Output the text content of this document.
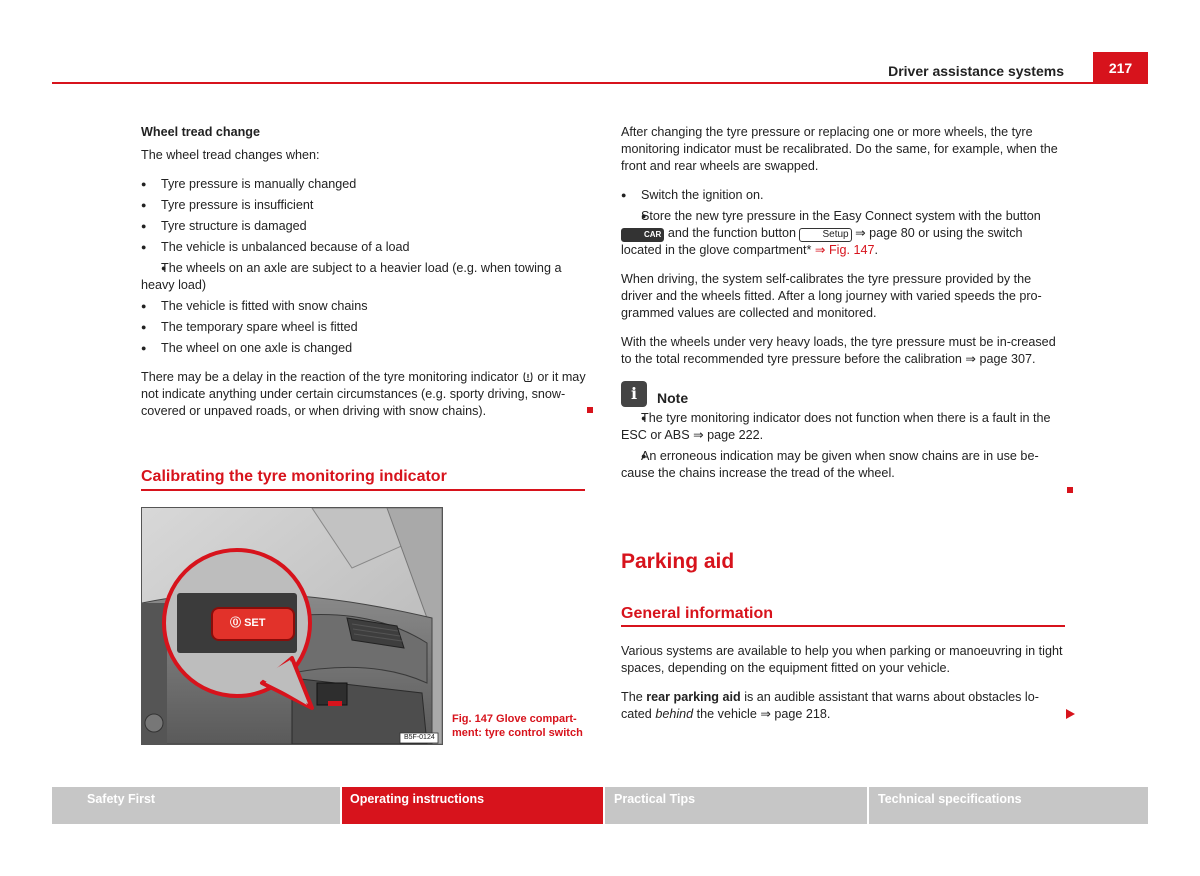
Driver assistance systems	217

Wheel tread change

The wheel tread changes when:

● Tyre pressure is manually changed
● Tyre pressure is insufficient
● Tyre structure is damaged
● The vehicle is unbalanced because of a load
● The wheels on an axle are subject to a heavier load (e.g. when towing a heavy load)
● The vehicle is fitted with snow chains
● The temporary spare wheel is fitted
● The wheel on one axle is changed

There may be a delay in the reaction of the tyre monitoring indicator or it may not indicate anything under certain circumstances (e.g. sporty driving, snow-covered or unpaved roads, or when driving with snow chains).

Calibrating the tyre monitoring indicator
⓪ SET
B5F-0124
Fig. 147 Glove compart-
ment: tyre control switch

After changing the tyre pressure or replacing one or more wheels, the tyre monitoring indicator must be recalibrated. Do the same, for example, when the front and rear wheels are swapped.

● Switch the ignition on.
● Store the new tyre pressure in the Easy Connect system with the button CAR and the function button	Setup ⇒ page 80 or using the switch located in the glove compartment* ⇒ Fig. 147.

When driving, the system self-calibrates the tyre pressure provided by the driver and the wheels fitted. After a long journey with varied speeds the pro-grammed values are collected and monitored.

With the wheels under very heavy loads, the tyre pressure must be in-creased to the total recommended tyre pressure before the calibration ⇒ page 307.

i	Note
● The tyre monitoring indicator does not function when there is a fault in the ESC or ABS ⇒ page 222.
● An erroneous indication may be given when snow chains are in use be-cause the chains increase the tread of the wheel.
Parking aid
General information

Various systems are available to help you when parking or manoeuvring in tight spaces, depending on the equipment fitted on your vehicle.

The rear parking aid is an audible assistant that warns about obstacles lo-cated behind the vehicle ⇒ page 218.

Safety First	Operating instructions	Practical Tips	Technical specifications
